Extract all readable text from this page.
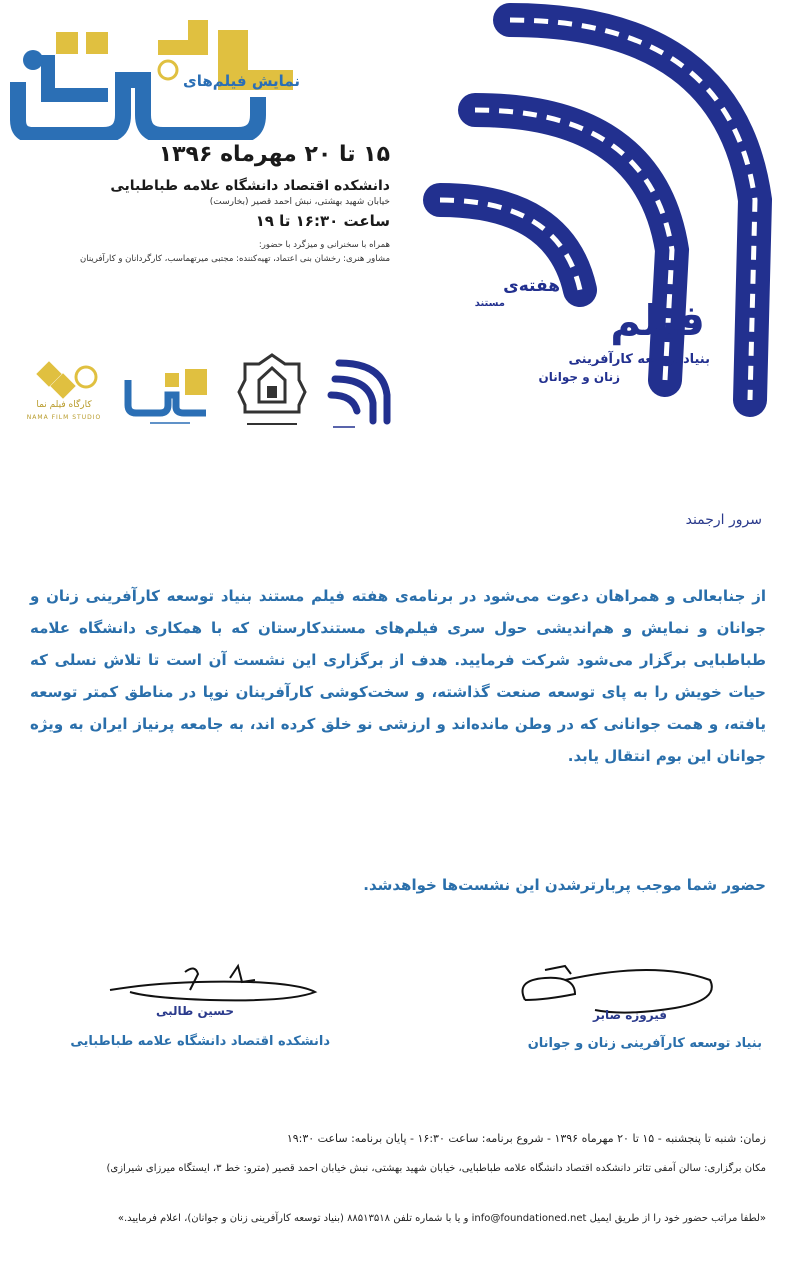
نمایش فیلم‌های
۱۵ تا ۲۰ مهرماه ۱۳۹۶
دانشکده اقتصاد دانشگاه علامه طباطبایی
خیابان شهید بهشتی، نبش احمد قصیر (بخارست)
ساعت ۱۶:۳۰ تا ۱۹
همراه با سخنرانی و میزگرد با حضور:
مشاور هنری: رخشان بنی اعتماد، تهیه‌کننده: مجتبی میرتهماسب، کارگردانان و کارآفرینان
هفته‌ی
مستند	فیلم
بنیاد توسعه کارآفرینی
زنان و جوانان
کارگاه فیلم نما
NAMA FILM STUDIO
سرور ارجمند
از جنابعالی و همراهان دعوت می‌شود در برنامه‌ی هفته فیلم مستند بنیاد توسعه کارآفرینی زنان و جوانان و نمایش و هم‌اندیشی حول سری فیلم‌های مستندکارستان که با همکاری دانشگاه علامه طباطبایی برگزار می‌شود شرکت فرمایید. هدف از برگزاری این نشست آن است تا تلاش نسلی که حیات خویش را به پای توسعه صنعت گذاشته، و سخت‌کوشی کارآفرینان نوپا در مناطق کمتر توسعه یافته، و همت جوانانی که در وطن مانده‌اند و ارزشی نو خلق کرده اند، به جامعه پرنیاز ایران به ویژه جوانان این بوم انتقال یابد.
حضور شما موجب پربارترشدن این نشست‌ها خواهدشد.
حسین طالبی
دانشکده اقتصاد دانشگاه علامه طباطبایی
فیروزه صابر
بنیاد توسعه کارآفرینی زنان و جوانان
زمان: شنبه تا پنجشنبه - ۱۵ تا ۲۰ مهرماه ۱۳۹۶ - شروع برنامه: ساعت ۱۶:۳۰ - پایان برنامه: ساعت ۱۹:۳۰
مکان برگزاری: سالن آمفی تئاتر دانشکده اقتصاد دانشگاه علامه طباطبایی، خیابان شهید بهشتی، نبش خیابان احمد قصیر (مترو: خط ۳، ایستگاه میرزای شیرازی)
«لطفا مراتب حضور خود را از طریق ایمیل info@foundationed.net و یا با شماره تلفن ۸۸۵۱۳۵۱۸ (بنیاد توسعه کارآفرینی زنان و جوانان)، اعلام فرمایید.»
